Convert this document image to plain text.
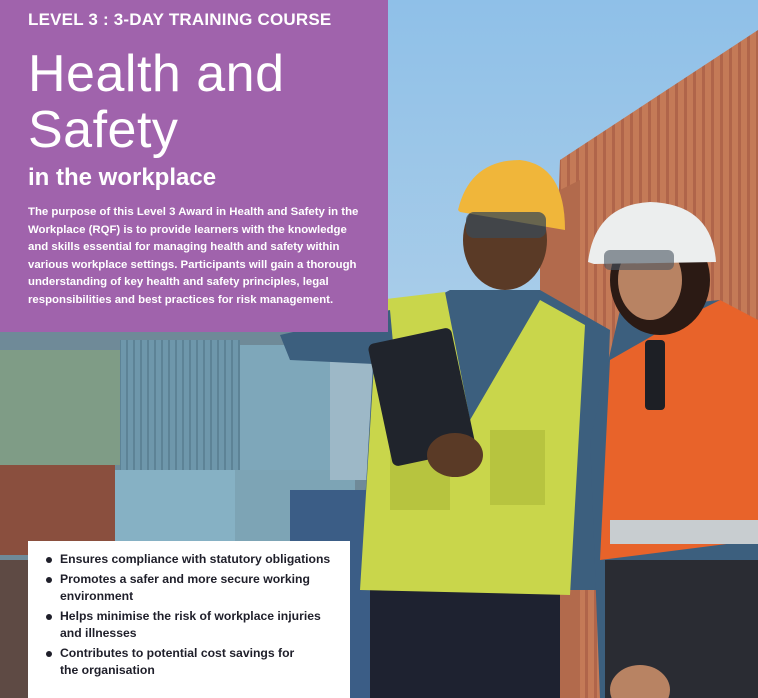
LEVEL 3 : 3-DAY TRAINING COURSE
Health and
Safety
in the workplace
The purpose of this Level 3 Award in Health and Safety in the Workplace (RQF) is to provide learners with the knowledge and skills essential for managing health and safety within various workplace settings. Participants will gain a thorough understanding of key health and safety principles, legal responsibilities and best practices for risk management.
Ensures compliance with statutory obligations
Promotes a safer and more secure working
environment
Helps minimise the risk of workplace injuries
and illnesses
Contributes to potential cost savings for
the organisation
